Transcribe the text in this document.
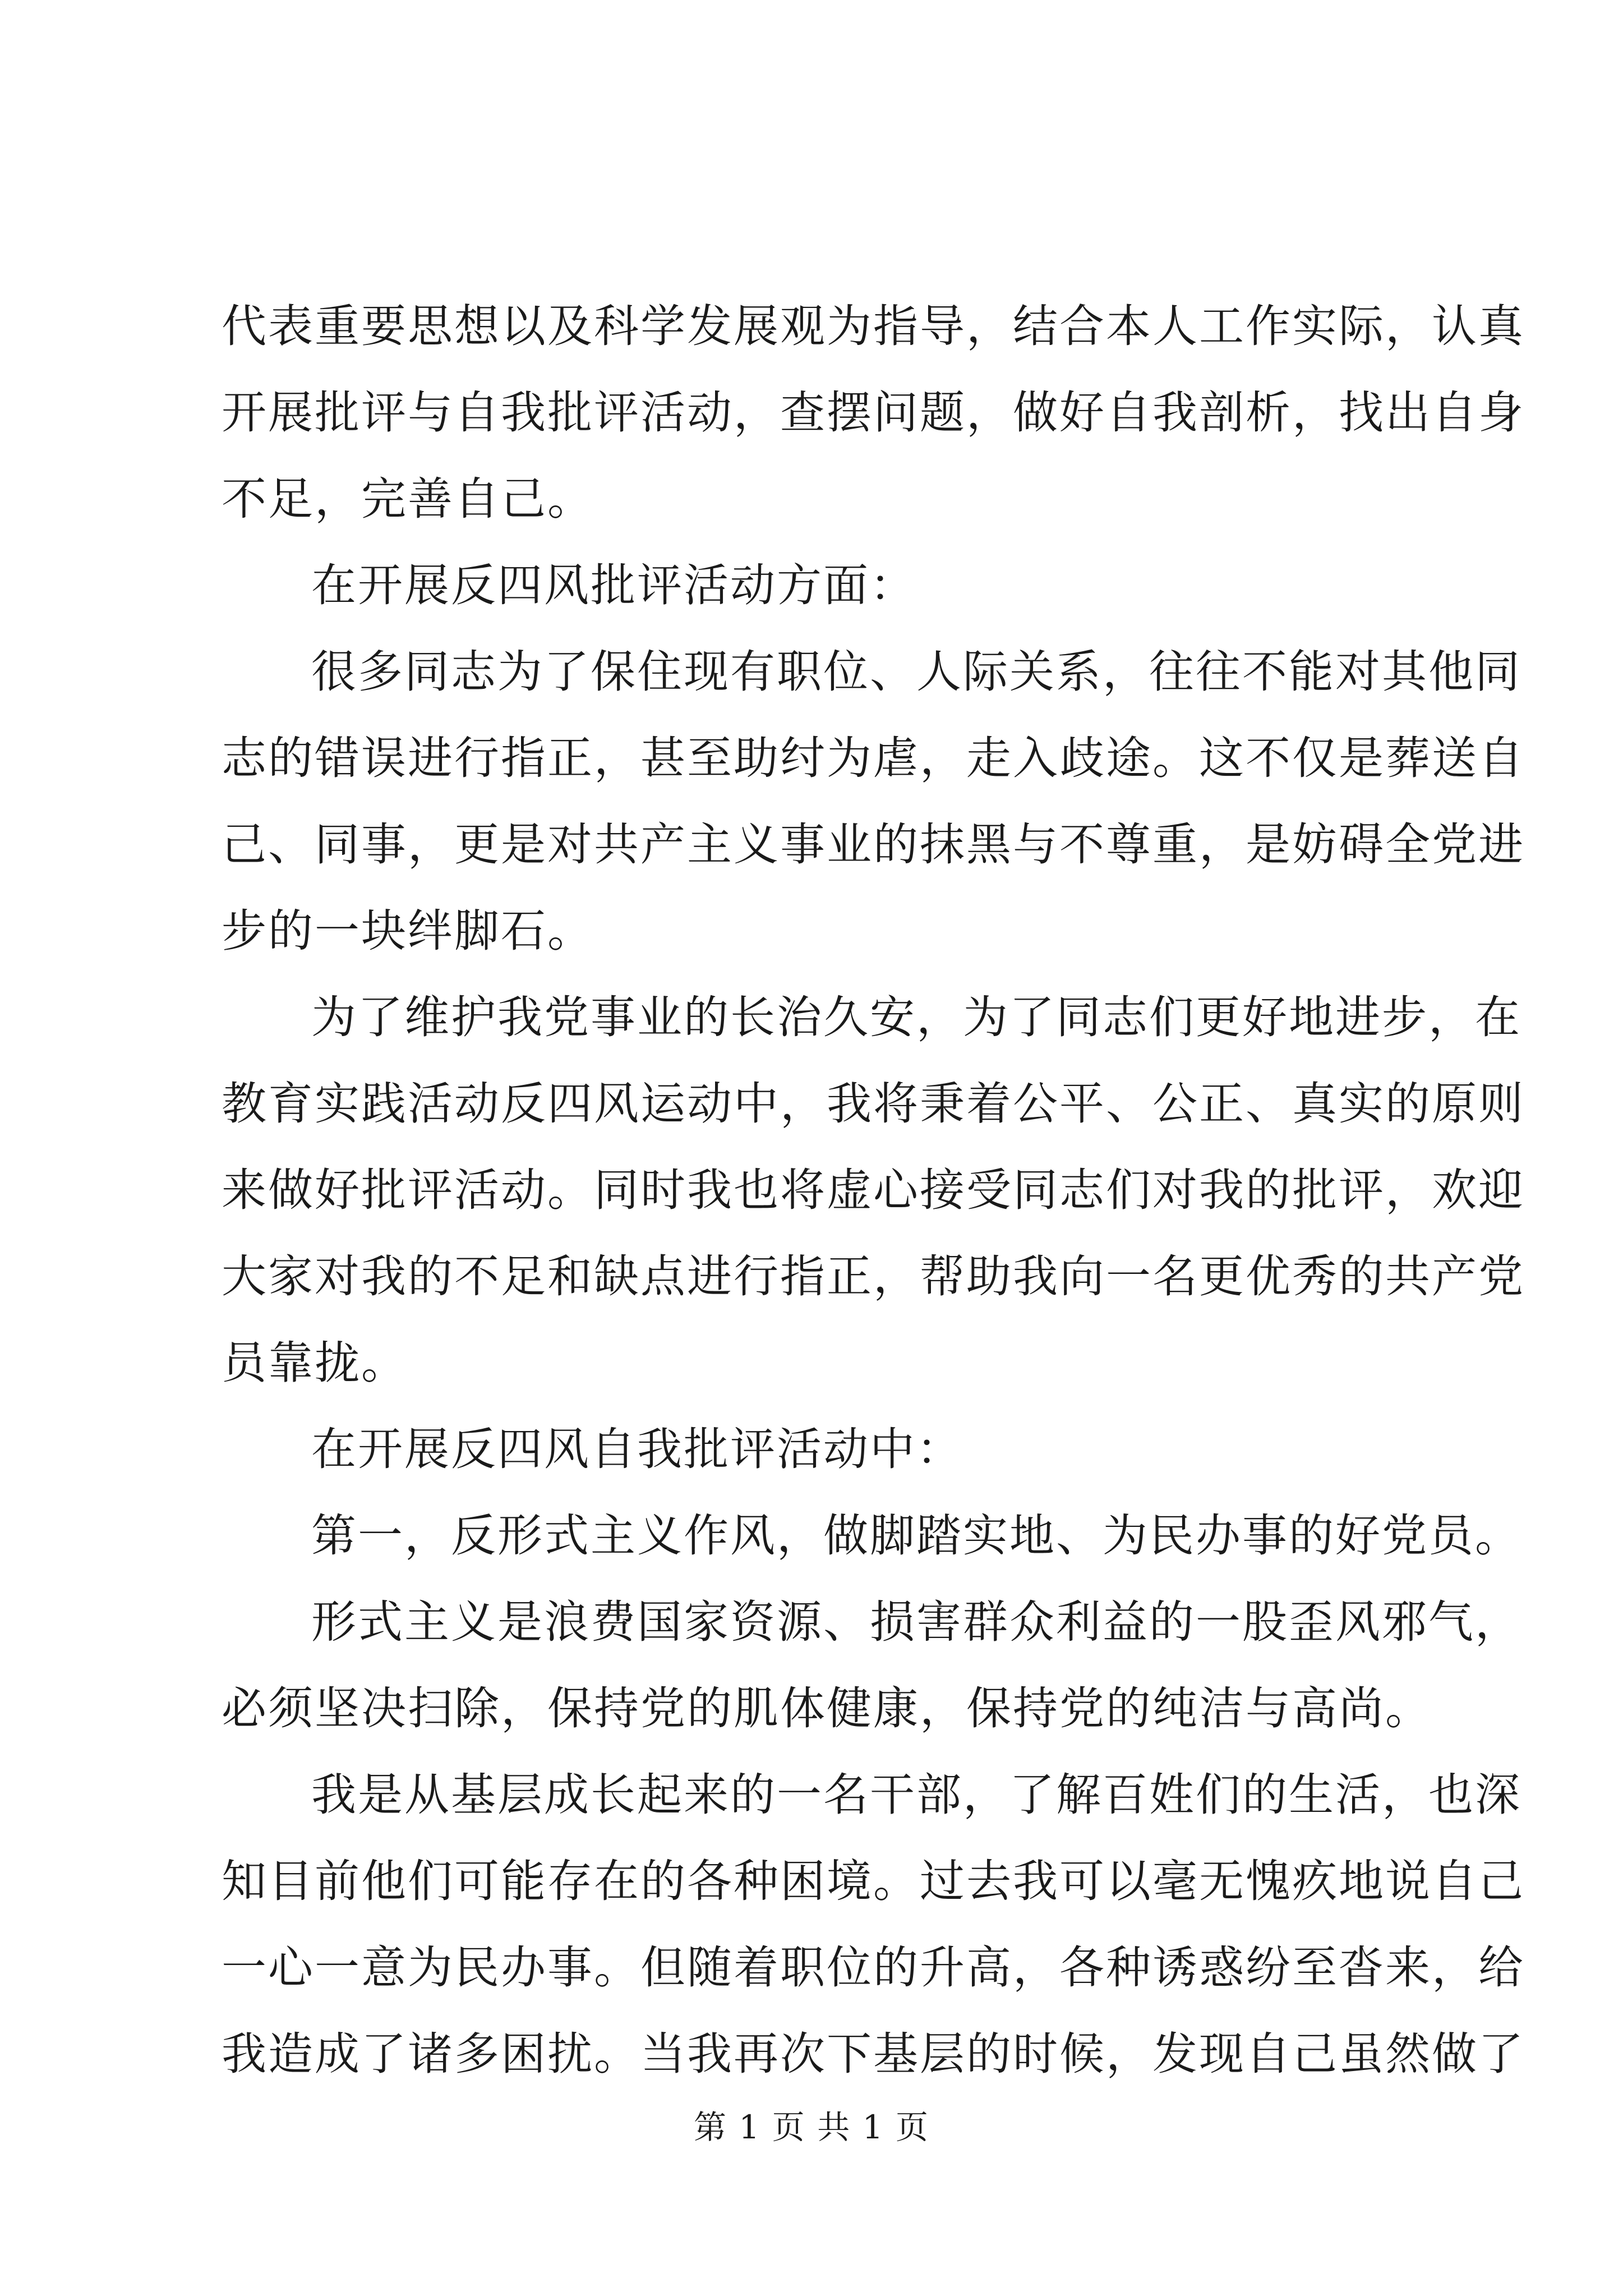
代表重要思想以及科学发展观为指导，结合本人工作实际，认真
开展批评与自我批评活动，查摆问题，做好自我剖析，找出自身
不足，完善自己。
在开展反四风批评活动方面：
很多同志为了保住现有职位、人际关系，往往不能对其他同
志的错误进行指正，甚至助纣为虐，走入歧途。这不仅是葬送自
己、同事，更是对共产主义事业的抹黑与不尊重，是妨碍全党进
步的一块绊脚石。
为了维护我党事业的长治久安，为了同志们更好地进步，在
教育实践活动反四风运动中，我将秉着公平、公正、真实的原则
来做好批评活动。同时我也将虚心接受同志们对我的批评，欢迎
大家对我的不足和缺点进行指正，帮助我向一名更优秀的共产党
员靠拢。
在开展反四风自我批评活动中：
第一，反形式主义作风，做脚踏实地、为民办事的好党员。
形式主义是浪费国家资源、损害群众利益的一股歪风邪气，
必须坚决扫除，保持党的肌体健康，保持党的纯洁与高尚。
我是从基层成长起来的一名干部，了解百姓们的生活，也深
知目前他们可能存在的各种困境。过去我可以毫无愧疚地说自己
一心一意为民办事。但随着职位的升高，各种诱惑纷至沓来，给
我造成了诸多困扰。当我再次下基层的时候，发现自己虽然做了
第 1 页 共 1 页
